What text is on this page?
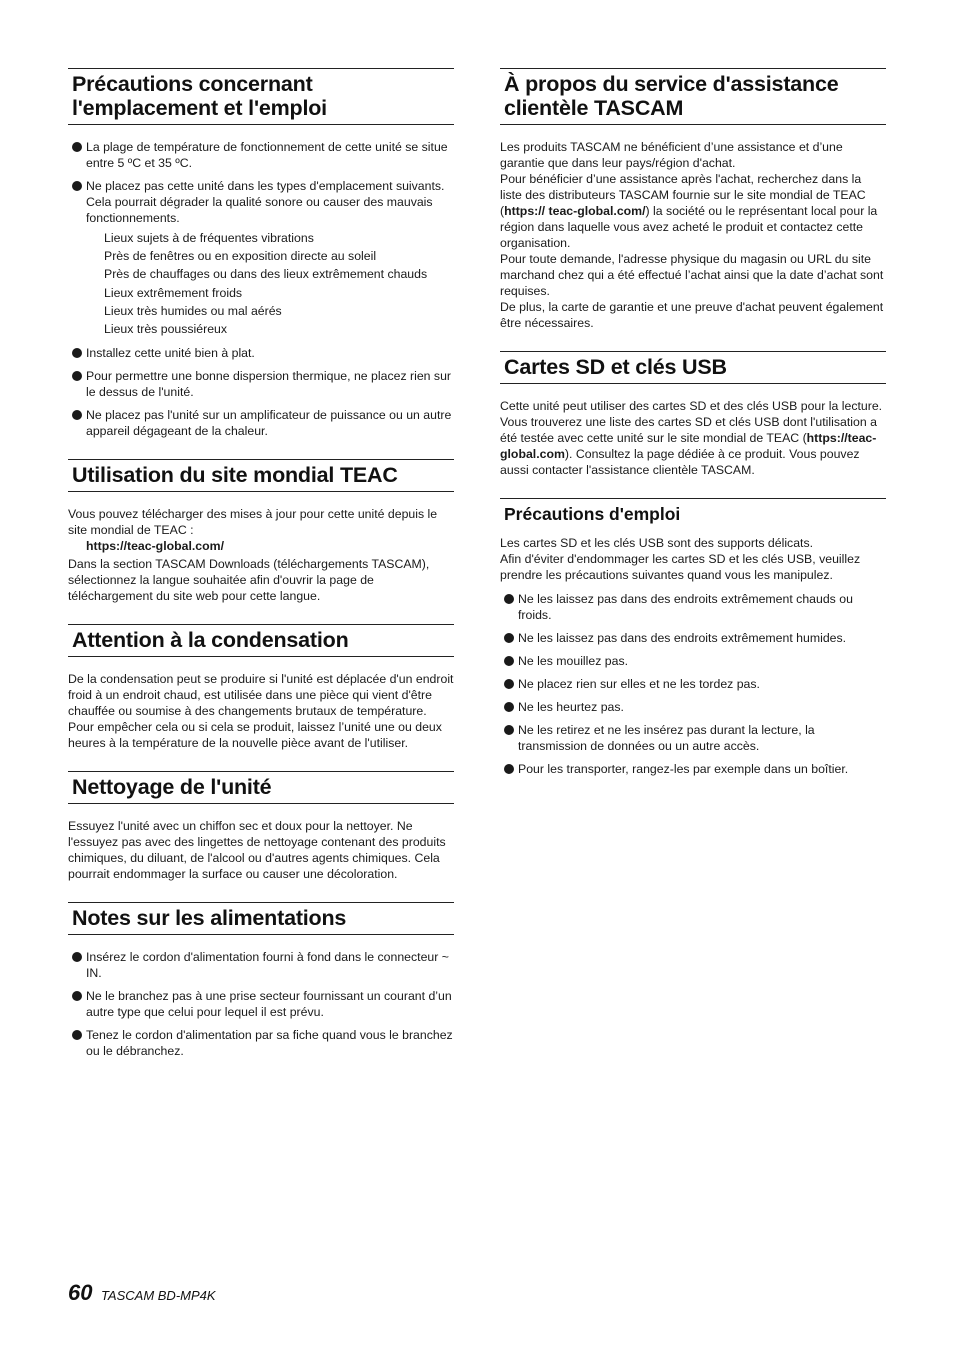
Précautions concernant
l'emplacement et l'emploi
La plage de température de fonctionnement de cette unité se situe entre 5 ºC et 35 ºC.
Ne placez pas cette unité dans les types d'emplacement suivants. Cela pourrait dégrader la qualité sonore ou causer des mauvais fonctionnements.
Lieux sujets à de fréquentes vibrations
Près de fenêtres ou en exposition directe au soleil
Près de chauffages ou dans des lieux extrêmement chauds
Lieux extrêmement froids
Lieux très humides ou mal aérés
Lieux très poussiéreux
Installez cette unité bien à plat.
Pour permettre une bonne dispersion thermique, ne placez rien sur le dessus de l'unité.
Ne placez pas l'unité sur un amplificateur de puissance ou un autre appareil dégageant de la chaleur.
Utilisation du site mondial TEAC

Vous pouvez télécharger des mises à jour pour cette unité depuis le site mondial de TEAC :

https://teac-global.com/

Dans la section TASCAM Downloads (téléchargements TASCAM), sélectionnez la langue souhaitée afin d'ouvrir la page de téléchargement du site web pour cette langue.

Attention à la condensation

De la condensation peut se produire si l'unité est déplacée d'un endroit froid à un endroit chaud, est utilisée dans une pièce qui vient d'être chauffée ou soumise à des changements brutaux de température. Pour empêcher cela ou si cela se produit, laissez l’unité une ou deux heures à la température de la nouvelle pièce avant de l'utiliser.

Nettoyage de l'unité

Essuyez l'unité avec un chiffon sec et doux pour la nettoyer. Ne l'essuyez pas avec des lingettes de nettoyage contenant des produits chimiques, du diluant, de l'alcool ou d'autres agents chimiques. Cela pourrait endommager la surface ou causer une décoloration.

Notes sur les alimentations
Insérez le cordon d'alimentation fourni à fond dans le connecteur ~ IN.
Ne le branchez pas à une prise secteur fournissant un courant d’un autre type que celui pour lequel il est prévu.
Tenez le cordon d'alimentation par sa fiche quand vous le branchez ou le débranchez.
À propos du service d'assistance
clientèle TASCAM

Les produits TASCAM ne bénéficient d’une assistance et d’une garantie que dans leur pays/région d'achat.

Pour bénéficier d’une assistance après l'achat, recherchez dans la liste des distributeurs TASCAM fournie sur le site mondial de TEAC (https:// teac-global.com/) la société ou le représentant local pour la région dans laquelle vous avez acheté le produit et contactez cette organisation.

Pour toute demande, l'adresse physique du magasin ou URL du site marchand chez qui a été effectué l’achat ainsi que la date d’achat sont requises.

De plus, la carte de garantie et une preuve d'achat peuvent également être nécessaires.

Cartes SD et clés USB

Cette unité peut utiliser des cartes SD et des clés USB pour la lecture.

Vous trouverez une liste des cartes SD et clés USB dont l'utilisation a été testée avec cette unité sur le site mondial de TEAC (https://teac-global.com). Consultez la page dédiée à ce produit. Vous pouvez aussi contacter l'assistance clientèle TASCAM.

Précautions d'emploi

Les cartes SD et les clés USB sont des supports délicats.

Afin d'éviter d'endommager les cartes SD et les clés USB, veuillez prendre les précautions suivantes quand vous les manipulez.

Ne les laissez pas dans des endroits extrêmement chauds ou froids.
Ne les laissez pas dans des endroits extrêmement humides.
Ne les mouillez pas.
Ne placez rien sur elles et ne les tordez pas.
Ne les heurtez pas.
Ne les retirez et ne les insérez pas durant la lecture, la transmission de données ou un autre accès.
Pour les transporter, rangez-les par exemple dans un boîtier.
60 TASCAM BD-MP4K
